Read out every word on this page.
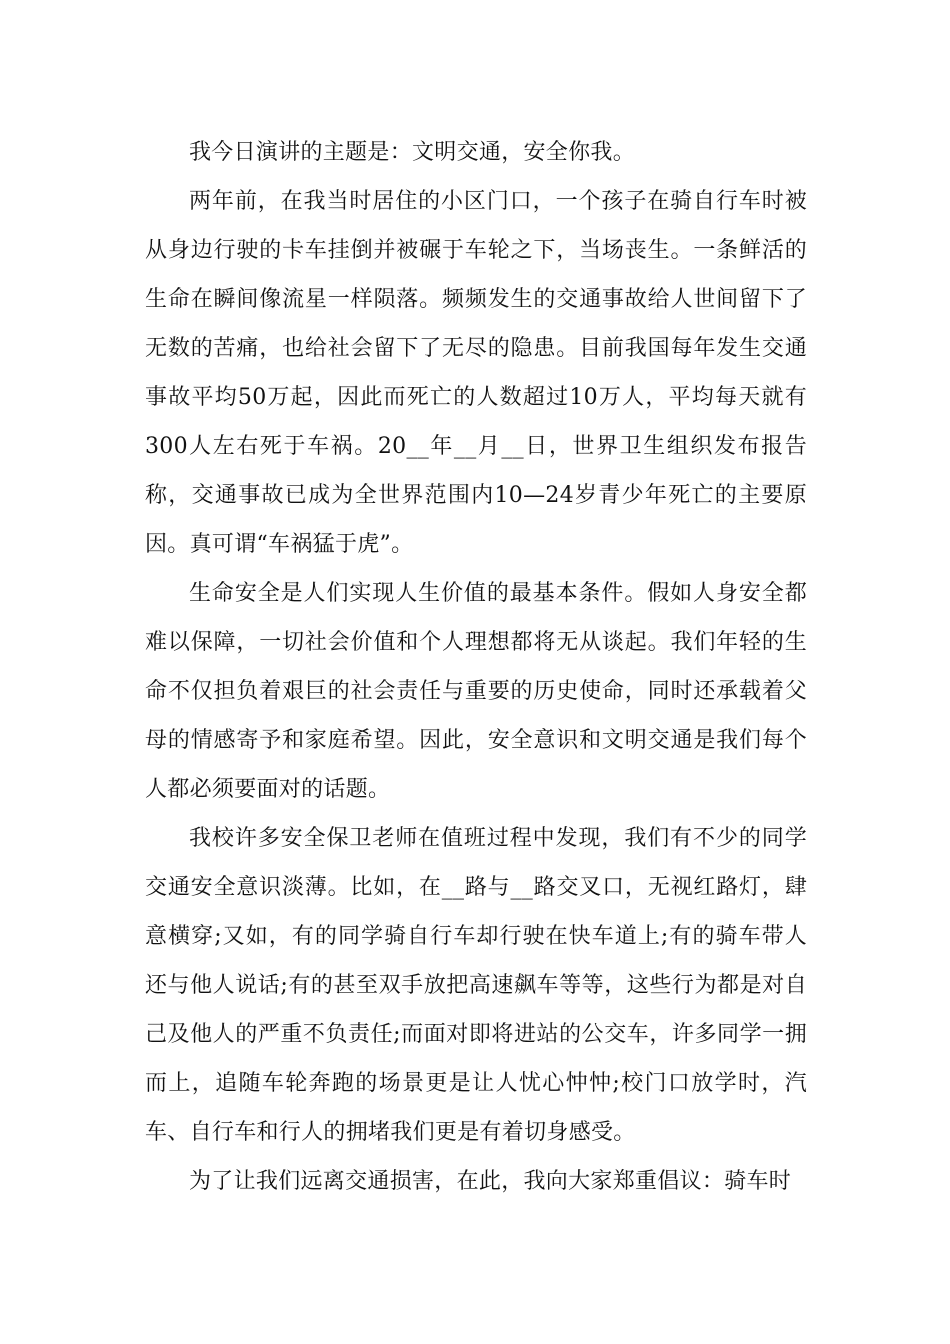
我今日演讲的主题是：文明交通，安全你我。

两年前，在我当时居住的小区门口，一个孩子在骑自行车时被从身边行驶的卡车挂倒并被碾于车轮之下，当场丧生。一条鲜活的生命在瞬间像流星一样陨落。频频发生的交通事故给人世间留下了无数的苦痛，也给社会留下了无尽的隐患。目前我国每年发生交通事故平均50万起，因此而死亡的人数超过10万人，平均每天就有300人左右死于车祸。20__年__月__日，世界卫生组织发布报告称，交通事故已成为全世界范围内10—24岁青少年死亡的主要原因。真可谓“车祸猛于虎”。

生命安全是人们实现人生价值的最基本条件。假如人身安全都难以保障，一切社会价值和个人理想都将无从谈起。我们年轻的生命不仅担负着艰巨的社会责任与重要的历史使命，同时还承载着父母的情感寄予和家庭希望。因此，安全意识和文明交通是我们每个人都必须要面对的话题。

我校许多安全保卫老师在值班过程中发现，我们有不少的同学交通安全意识淡薄。比如，在__路与__路交叉口，无视红路灯，肆意横穿;又如，有的同学骑自行车却行驶在快车道上;有的骑车带人还与他人说话;有的甚至双手放把高速飙车等等，这些行为都是对自己及他人的严重不负责任;而面对即将进站的公交车，许多同学一拥而上，追随车轮奔跑的场景更是让人忧心忡忡;校门口放学时，汽车、自行车和行人的拥堵我们更是有着切身感受。

为了让我们远离交通损害，在此，我向大家郑重倡议：骑车时
